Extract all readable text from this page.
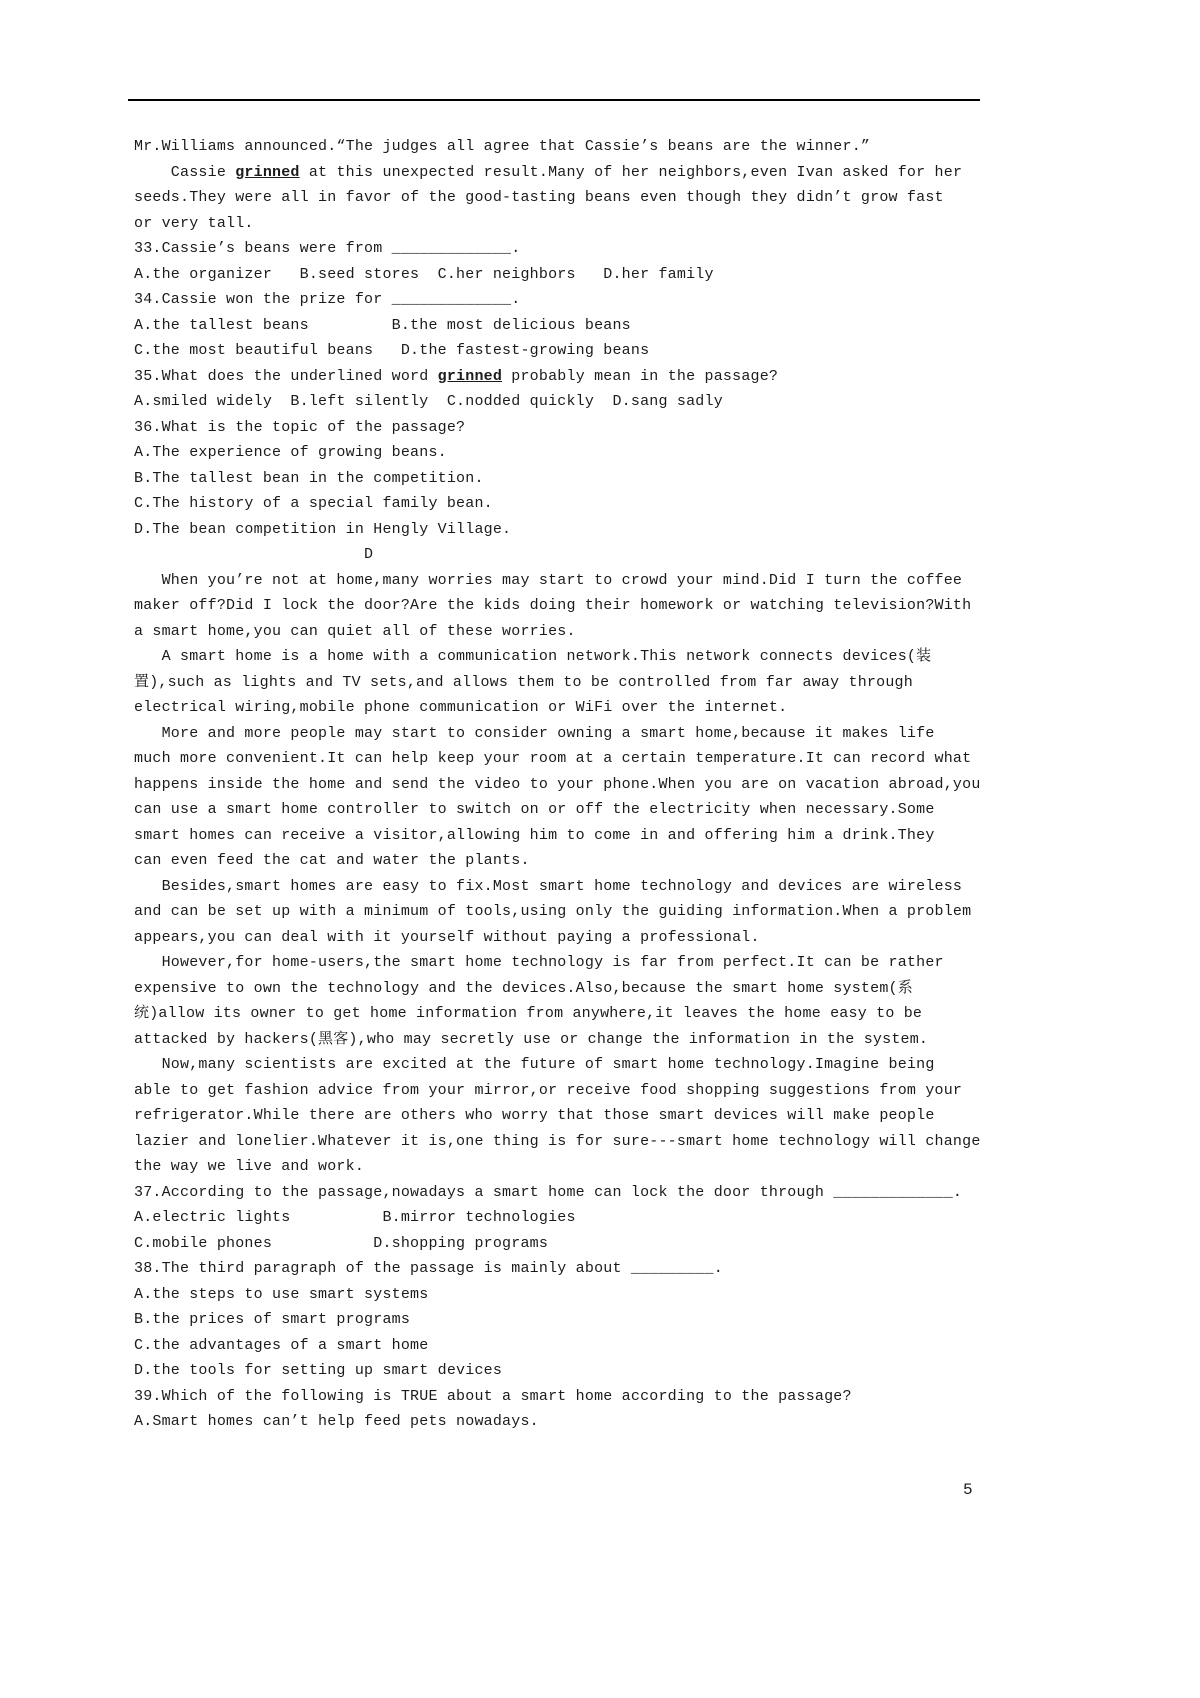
Mr.Williams announced.“The judges all agree that Cassie’s beans are the winner.”
Cassie grinned at this unexpected result.Many of her neighbors,even Ivan asked for her
seeds.They were all in favor of the good-tasting beans even though they didn’t grow fast
or very tall.
33.Cassie’s beans were from _____________.
A.the organizer   B.seed stores  C.her neighbors   D.her family
34.Cassie won the prize for _____________.
A.the tallest beans         B.the most delicious beans
C.the most beautiful beans   D.the fastest-growing beans
35.What does the underlined word grinned probably mean in the passage?
A.smiled widely  B.left silently  C.nodded quickly  D.sang sadly
36.What is the topic of the passage?
A.The experience of growing beans.
B.The tallest bean in the competition.
C.The history of a special family bean.
D.The bean competition in Hengly Village.
D
When you’re not at home,many worries may start to crowd your mind.Did I turn the coffee
maker off?Did I lock the door?Are the kids doing their homework or watching television?With
a smart home,you can quiet all of these worries.
A smart home is a home with a communication network.This network connects devices(装
置),such as lights and TV sets,and allows them to be controlled from far away through
electrical wiring,mobile phone communication or WiFi over the internet.
More and more people may start to consider owning a smart home,because it makes life
much more convenient.It can help keep your room at a certain temperature.It can record what
happens inside the home and send the video to your phone.When you are on vacation abroad,you
can use a smart home controller to switch on or off the electricity when necessary.Some
smart homes can receive a visitor,allowing him to come in and offering him a drink.They
can even feed the cat and water the plants.
Besides,smart homes are easy to fix.Most smart home technology and devices are wireless
and can be set up with a minimum of tools,using only the guiding information.When a problem
appears,you can deal with it yourself without paying a professional.
However,for home-users,the smart home technology is far from perfect.It can be rather
expensive to own the technology and the devices.Also,because the smart home system(系
统)allow its owner to get home information from anywhere,it leaves the home easy to be
attacked by hackers(黑客),who may secretly use or change the information in the system.
Now,many scientists are excited at the future of smart home technology.Imagine being
able to get fashion advice from your mirror,or receive food shopping suggestions from your
refrigerator.While there are others who worry that those smart devices will make people
lazier and lonelier.Whatever it is,one thing is for sure---smart home technology will change
the way we live and work.
37.According to the passage,nowadays a smart home can lock the door through _____________.
A.electric lights          B.mirror technologies
C.mobile phones           D.shopping programs
38.The third paragraph of the passage is mainly about _________.
A.the steps to use smart systems
B.the prices of smart programs
C.the advantages of a smart home
D.the tools for setting up smart devices
39.Which of the following is TRUE about a smart home according to the passage?
A.Smart homes can’t help feed pets nowadays.
5
